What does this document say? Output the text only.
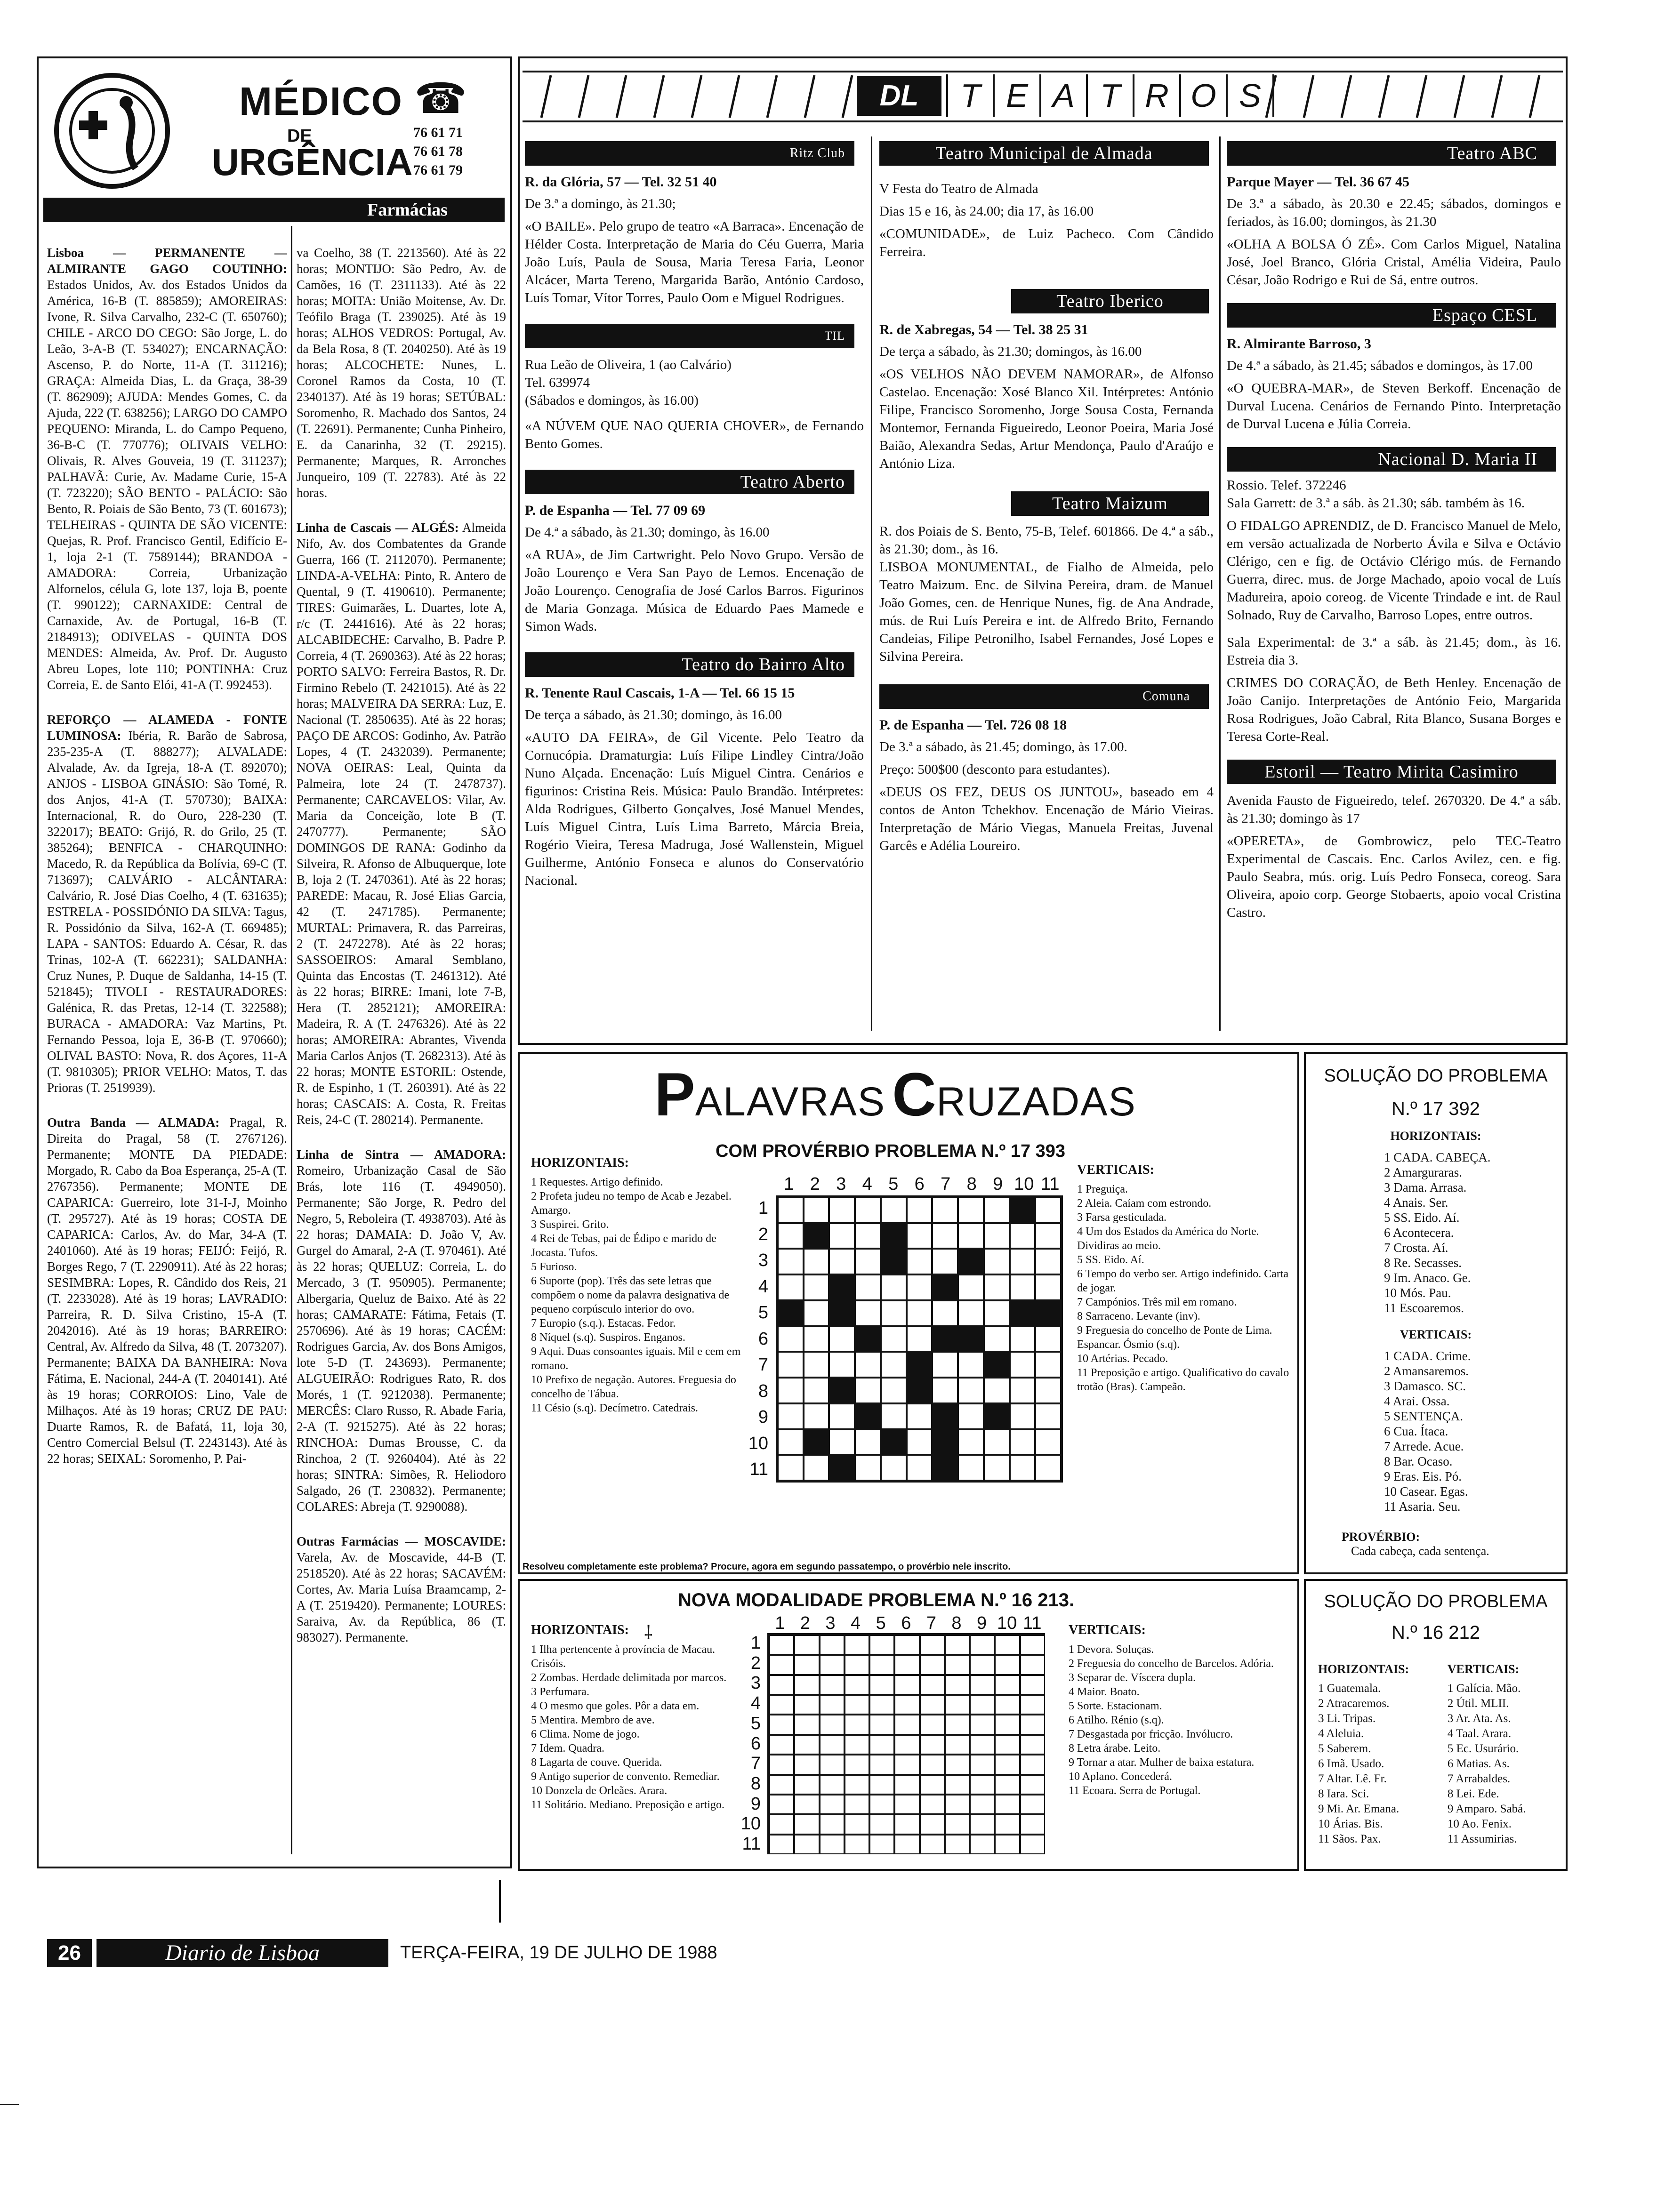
MÉDICO ☎
DE
URGÊNCIA
76 61 71
76 61 78
76 61 79
Farmácias

Lisboa — PERMANENTE — ALMIRANTE GAGO COUTINHO: Estados Unidos, Av. dos Estados Unidos da América, 16-B (T. 885859); AMOREIRAS: Ivone, R. Silva Carvalho, 232-C (T. 650760); CHILE - ARCO DO CEGO: São Jorge, L. do Leão, 3-A-B (T. 534027); ENCARNAÇÃO: Ascenso, P. do Norte, 11-A (T. 311216); GRAÇA: Almeida Dias, L. da Graça, 38-39 (T. 862909); AJUDA: Mendes Gomes, C. da Ajuda, 222 (T. 638256); LARGO DO CAMPO PEQUENO: Miranda, L. do Campo Pequeno, 36-B-C (T. 770776); OLIVAIS VELHO: Olivais, R. Alves Gouveia, 19 (T. 311237); PALHAVÃ: Curie, Av. Madame Curie, 15-A (T. 723220); SÃO BENTO - PALÁCIO: São Bento, R. Poiais de São Bento, 73 (T. 601673); TELHEIRAS - QUINTA DE SÃO VICENTE: Quejas, R. Prof. Francisco Gentil, Edifício E-1, loja 2-1 (T. 7589144); BRANDOA - AMADORA: Correia, Urbanização Alfornelos, célula G, lote 137, loja B, poente (T. 990122); CARNAXIDE: Central de Carnaxide, Av. de Portugal, 16-B (T. 2184913); ODIVELAS - QUINTA DOS MENDES: Almeida, Av. Prof. Dr. Augusto Abreu Lopes, lote 110; PONTINHA: Cruz Correia, E. de Santo Elói, 41-A (T. 992453).

REFORÇO — ALAMEDA - FONTE LUMINOSA: Ibéria, R. Barão de Sabrosa, 235-235-A (T. 888277); ALVALADE: Alvalade, Av. da Igreja, 18-A (T. 892070); ANJOS - LISBOA GINÁSIO: São Tomé, R. dos Anjos, 41-A (T. 570730); BAIXA: Internacional, R. do Ouro, 228-230 (T. 322017); BEATO: Grijó, R. do Grilo, 25 (T. 385264); BENFICA - CHARQUINHO: Macedo, R. da República da Bolívia, 69-C (T. 713697); CALVÁRIO - ALCÂNTARA: Calvário, R. José Dias Coelho, 4 (T. 631635); ESTRELA - POSSIDÓNIO DA SILVA: Tagus, R. Possidónio da Silva, 162-A (T. 669485); LAPA - SANTOS: Eduardo A. César, R. das Trinas, 102-A (T. 662231); SALDANHA: Cruz Nunes, P. Duque de Saldanha, 14-15 (T. 521845); TIVOLI - RESTAURADORES: Galénica, R. das Pretas, 12-14 (T. 322588); BURACA - AMADORA: Vaz Martins, Pt. Fernando Pessoa, loja E, 36-B (T. 970660); OLIVAL BASTO: Nova, R. dos Açores, 11-A (T. 9810305); PRIOR VELHO: Matos, T. das Prioras (T. 2519939).

Outra Banda — ALMADA: Pragal, R. Direita do Pragal, 58 (T. 2767126). Permanente; MONTE DA PIEDADE: Morgado, R. Cabo da Boa Esperança, 25-A (T. 2767356). Permanente; MONTE DE CAPARICA: Guerreiro, lote 31-I-J, Moinho (T. 295727). Até às 19 horas; COSTA DE CAPARICA: Carlos, Av. do Mar, 34-A (T. 2401060). Até às 19 horas; FEIJÓ: Feijó, R. Borges Rego, 7 (T. 2290911). Até às 22 horas; SESIMBRA: Lopes, R. Cândido dos Reis, 21 (T. 2233028). Até às 19 horas; LAVRADIO: Parreira, R. D. Silva Cristino, 15-A (T. 2042016). Até às 19 horas; BARREIRO: Central, Av. Alfredo da Silva, 48 (T. 2073207). Permanente; BAIXA DA BANHEIRA: Nova Fátima, E. Nacional, 244-A (T. 2040141). Até às 19 horas; CORROIOS: Lino, Vale de Milhaços. Até às 19 horas; CRUZ DE PAU: Duarte Ramos, R. de Bafatá, 11, loja 30, Centro Comercial Belsul (T. 2243143). Até às 22 horas; SEIXAL: Soromenho, P. Pai-

va Coelho, 38 (T. 2213560). Até às 22 horas; MONTIJO: São Pedro, Av. de Camões, 16 (T. 2311133). Até às 22 horas; MOITA: União Moitense, Av. Dr. Teófilo Braga (T. 239025). Até às 19 horas; ALHOS VEDROS: Portugal, Av. da Bela Rosa, 8 (T. 2040250). Até às 19 horas; ALCOCHETE: Nunes, L. Coronel Ramos da Costa, 10 (T. 2340137). Até às 19 horas; SETÚBAL: Soromenho, R. Machado dos Santos, 24 (T. 22691). Permanente; Cunha Pinheiro, E. da Canarinha, 32 (T. 29215). Permanente; Marques, R. Arronches Junqueiro, 109 (T. 22783). Até às 22 horas.

Linha de Cascais — ALGÉS: Almeida Nifo, Av. dos Combatentes da Grande Guerra, 166 (T. 2112070). Permanente; LINDA-A-VELHA: Pinto, R. Antero de Quental, 9 (T. 4190610). Permanente; TIRES: Guimarães, L. Duartes, lote A, r/c (T. 2441616). Até às 22 horas; ALCABIDECHE: Carvalho, B. Padre P. Correia, 4 (T. 2690363). Até às 22 horas; PORTO SALVO: Ferreira Bastos, R. Dr. Firmino Rebelo (T. 2421015). Até às 22 horas; MALVEIRA DA SERRA: Luz, E. Nacional (T. 2850635). Até às 22 horas; PAÇO DE ARCOS: Godinho, Av. Patrão Lopes, 4 (T. 2432039). Permanente; NOVA OEIRAS: Leal, Quinta da Palmeira, lote 24 (T. 2478737). Permanente; CARCAVELOS: Vilar, Av. Maria da Conceição, lote B (T. 2470777). Permanente; SÃO DOMINGOS DE RANA: Godinho da Silveira, R. Afonso de Albuquerque, lote B, loja 2 (T. 2470361). Até às 22 horas; PAREDE: Macau, R. José Elias Garcia, 42 (T. 2471785). Permanente; MURTAL: Primavera, R. das Parreiras, 2 (T. 2472278). Até às 22 horas; SASSOEIROS: Amaral Semblano, Quinta das Encostas (T. 2461312). Até às 22 horas; BIRRE: Imani, lote 7-B, Hera (T. 2852121); AMOREIRA: Madeira, R. A (T. 2476326). Até às 22 horas; AMOREIRA: Abrantes, Vivenda Maria Carlos Anjos (T. 2682313). Até às 22 horas; MONTE ESTORIL: Ostende, R. de Espinho, 1 (T. 260391). Até às 22 horas; CASCAIS: A. Costa, R. Freitas Reis, 24-C (T. 280214). Permanente.

Linha de Sintra — AMADORA: Romeiro, Urbanização Casal de São Brás, lote 116 (T. 4949050). Permanente; São Jorge, R. Pedro del Negro, 5, Reboleira (T. 4938703). Até às 22 horas; DAMAIA: D. João V, Av. Gurgel do Amaral, 2-A (T. 970461). Até às 22 horas; QUELUZ: Correia, L. do Mercado, 3 (T. 950905). Permanente; Albergaria, Queluz de Baixo. Até às 22 horas; CAMARATE: Fátima, Fetais (T. 2570696). Até às 19 horas; CACÉM: Rodrigues Garcia, Av. dos Bons Amigos, lote 5-D (T. 243693). Permanente; ALGUEIRÃO: Rodrigues Rato, R. dos Morés, 1 (T. 9212038). Permanente; MERCÊS: Claro Russo, R. Abade Faria, 2-A (T. 9215275). Até às 22 horas; RINCHOA: Dumas Brousse, C. da Rinchoa, 2 (T. 9260404). Até às 22 horas; SINTRA: Simões, R. Heliodoro Salgado, 26 (T. 230832). Permanente; COLARES: Abreja (T. 9290088).

Outras Farmácias — MOSCAVIDE: Varela, Av. de Moscavide, 44-B (T. 2518520). Até às 22 horas; SACAVÉM: Cortes, Av. Maria Luísa Braamcamp, 2-A (T. 2519420). Permanente; LOURES: Saraiva, Av. da República, 86 (T. 983027). Permanente.

DL	T E A T R O S
Ritz Club
R. da Glória, 57 — Tel. 32 51 40

De 3.ª a domingo, às 21.30;

«O BAILE». Pelo grupo de teatro «A Barraca». Encenação de Hélder Costa. Interpretação de Maria do Céu Guerra, Maria João Luís, Paula de Sousa, Maria Teresa Faria, Leonor Alcácer, Marta Tereno, Margarida Barão, António Cardoso, Luís Tomar, Vítor Torres, Paulo Oom e Miguel Rodrigues.

TIL

Rua Leão de Oliveira, 1 (ao Calvário)

Tel. 639974

(Sábados e domingos, às 16.00)

«A NÚVEM QUE NAO QUERIA CHOVER», de Fernando Bento Gomes.

Teatro Aberto
P. de Espanha — Tel. 77 09 69

De 4.ª a sábado, às 21.30; domingo, às 16.00

«A RUA», de Jim Cartwright. Pelo Novo Grupo. Versão de João Lourenço e Vera San Payo de Lemos. Encenação de João Lourenço. Cenografia de José Carlos Barros. Figurinos de Maria Gonzaga. Música de Eduardo Paes Mamede e Simon Wads.

Teatro do Bairro Alto
R. Tenente Raul Cascais, 1-A — Tel. 66 15 15

De terça a sábado, às 21.30; domingo, às 16.00

«AUTO DA FEIRA», de Gil Vicente. Pelo Teatro da Cornucópia. Dramaturgia: Luís Filipe Lindley Cintra/João Nuno Alçada. Encenação: Luís Miguel Cintra. Cenários e figurinos: Cristina Reis. Música: Paulo Brandão. Intérpretes: Alda Rodrigues, Gilberto Gonçalves, José Manuel Mendes, Luís Miguel Cintra, Luís Lima Barreto, Márcia Breia, Rogério Vieira, Teresa Madruga, José Wallenstein, Miguel Guilherme, António Fonseca e alunos do Conservatório Nacional.

Teatro Municipal de Almada

V Festa do Teatro de Almada

Dias 15 e 16, às 24.00; dia 17, às 16.00

«COMUNIDADE», de Luiz Pacheco. Com Cândido Ferreira.

Teatro Iberico
R. de Xabregas, 54 — Tel. 38 25 31

De terça a sábado, às 21.30; domingos, às 16.00

«OS VELHOS NÃO DEVEM NAMORAR», de Alfonso Castelao. Encenação: Xosé Blanco Xil. Intérpretes: António Filipe, Francisco Soromenho, Jorge Sousa Costa, Fernanda Montemor, Fernanda Figueiredo, Leonor Poeira, Maria José Baião, Alexandra Sedas, Artur Mendonça, Paulo d'Araújo e António Liza.

Teatro Maizum

R. dos Poiais de S. Bento, 75-B, Telef. 601866. De 4.ª a sáb., às 21.30; dom., às 16.

LISBOA MONUMENTAL, de Fialho de Almeida, pelo Teatro Maizum. Enc. de Silvina Pereira, dram. de Manuel João Gomes, cen. de Henrique Nunes, fig. de Ana Andrade, mús. de Rui Luís Pereira e int. de Alfredo Brito, Fernando Candeias, Filipe Petronilho, Isabel Fernandes, José Lopes e Silvina Pereira.

Comuna
P. de Espanha — Tel. 726 08 18

De 3.ª a sábado, às 21.45; domingo, às 17.00.

Preço: 500$00 (desconto para estudantes).

«DEUS OS FEZ, DEUS OS JUNTOU», baseado em 4 contos de Anton Tchekhov. Encenação de Mário Vieiras. Interpretação de Mário Viegas, Manuela Freitas, Juvenal Garcês e Adélia Loureiro.

Teatro ABC
Parque Mayer — Tel. 36 67 45

De 3.ª a sábado, às 20.30 e 22.45; sábados, domingos e feriados, às 16.00; domingos, às 21.30

«OLHA A BOLSA Ó ZÉ». Com Carlos Miguel, Natalina José, Joel Branco, Glória Cristal, Amélia Videira, Paulo César, João Rodrigo e Rui de Sá, entre outros.

Espaço CESL
R. Almirante Barroso, 3

De 4.ª a sábado, às 21.45; sábados e domingos, às 17.00

«O QUEBRA-MAR», de Steven Berkoff. Encenação de Durval Lucena. Cenários de Fernando Pinto. Interpretação de Durval Lucena e Júlia Correia.

Nacional D. Maria II

Rossio. Telef. 372246

Sala Garrett: de 3.ª a sáb. às 21.30; sáb. também às 16.

O FIDALGO APRENDIZ, de D. Francisco Manuel de Melo, em versão actualizada de Norberto Ávila e Silva e Octávio Clérigo, cen e fig. de Octávio Clérigo mús. de Fernando Guerra, direc. mus. de Jorge Machado, apoio vocal de Luís Madureira, apoio coreog. de Vicente Trindade e int. de Raul Solnado, Ruy de Carvalho, Barroso Lopes, entre outros.

Sala Experimental: de 3.ª a sáb. às 21.45; dom., às 16. Estreia dia 3.

CRIMES DO CORAÇÃO, de Beth Henley. Encenação de João Canijo. Interpretações de António Feio, Margarida Rosa Rodrigues, João Cabral, Rita Blanco, Susana Borges e Teresa Corte-Real.

Estoril — Teatro Mirita Casimiro

Avenida Fausto de Figueiredo, telef. 2670320. De 4.ª a sáb. às 21.30; domingo às 17

«OPERETA», de Gombrowicz, pelo TEC-Teatro Experimental de Cascais. Enc. Carlos Avilez, cen. e fig. Paulo Seabra, mús. orig. Luís Pedro Fonseca, coreog. Sara Oliveira, apoio corp. George Stobaerts, apoio vocal Cristina Castro.

PALAVRAS CRUZADAS
COM PROVÉRBIO PROBLEMA N.º 17 393
HORIZONTAIS:
1 Requestes. Artigo definido.
2 Profeta judeu no tempo de Acab e Jezabel. Amargo.
3 Suspirei. Grito.
4 Rei de Tebas, pai de Édipo e marido de Jocasta. Tufos.
5 Furioso.
6 Suporte (pop). Três das sete letras que compõem o nome da palavra designativa de pequeno corpúsculo interior do ovo.
7 Europio (s.q.). Estacas. Fedor.
8 Níquel (s.q). Suspiros. Enganos.
9 Aqui. Duas consoantes iguais. Mil e cem em romano.
10 Prefixo de negação. Autores. Freguesia do concelho de Tábua.
11 Césio (s.q). Decímetro. Catedrais.
VERTICAIS:
1 Preguiça.
2 Aleia. Caíam com estrondo.
3 Farsa gesticulada.
4 Um dos Estados da América do Norte. Dividiras ao meio.
5 SS. Eido. Aí.
6 Tempo do verbo ser. Artigo indefinido. Carta de jogar.
7 Campónios. Três mil em romano.
8 Sarraceno. Levante (inv).
9 Freguesia do concelho de Ponte de Lima. Espancar. Ósmio (s.q).
10 Artérias. Pecado.
11 Preposição e artigo. Qualificativo do cavalo trotão (Bras). Campeão.
1 2 3 4 5 6 7 8 9 10 11
1
2
3
4
5
6
7
8
9
10
11
Resolveu completamente este problema? Procure, agora em segundo passatempo, o provérbio nele inscrito.
SOLUÇÃO DO PROBLEMA
N.º 17 392
HORIZONTAIS:
1 CADA. CABEÇA.
2 Amarguraras.
3 Dama. Arrasa.
4 Anais. Ser.
5 SS. Eido. Aí.
6 Acontecera.
7 Crosta. Aí.
8 Re. Secasses.
9 Im. Anaco. Ge.
10 Mós. Pau.
11 Escoaremos.
VERTICAIS:
1 CADA. Crime.
2 Amansaremos.
3 Damasco. SC.
4 Arai. Ossa.
5 SENTENÇA.
6 Cua. Ítaca.
7 Arrede. Acue.
8 Bar. Ocaso.
9 Eras. Eis. Pó.
10 Casear. Egas.
11 Asaria. Seu.
PROVÉRBIO:
Cada cabeça, cada sentença.
NOVA MODALIDADE PROBLEMA N.º 16 213.
⸸
HORIZONTAIS:
1 Ilha pertencente à província de Macau. Crisóis.
2 Zombas. Herdade delimitada por marcos.
3 Perfumara.
4 O mesmo que goles. Pôr a data em.
5 Mentira. Membro de ave.
6 Clima. Nome de jogo.
7 Idem. Quadra.
8 Lagarta de couve. Querida.
9 Antigo superior de convento. Remediar.
10 Donzela de Orleães. Arara.
11 Solitário. Mediano. Preposição e artigo.
VERTICAIS:
1 Devora. Soluças.
2 Freguesia do concelho de Barcelos. Adória.
3 Separar de. Víscera dupla.
4 Maior. Boato.
5 Sorte. Estacionam.
6 Atilho. Rénio (s.q).
7 Desgastada por fricção. Invólucro.
8 Letra árabe. Leito.
9 Tornar a atar. Mulher de baixa estatura.
10 Aplano. Concederá.
11 Ecoara. Serra de Portugal.
1 2 3 4 5 6 7 8 9 10 11
1
2
3
4
5
6
7
8
9
10
11
SOLUÇÃO DO PROBLEMA
N.º 16 212
HORIZONTAIS:
1 Guatemala.
2 Atracaremos.
3 Li. Tripas.
4 Aleluia.
5 Saberem.
6 Imã. Usado.
7 Altar. Lê. Fr.
8 Iara. Sci.
9 Mi. Ar. Emana.
10 Árias. Bis.
11 Sãos. Pax.
VERTICAIS:
1 Galícia. Mão.
2 Útil. MLII.
3 Ar. Ata. As.
4 Taal. Arara.
5 Ec. Usurário.
6 Matias. As.
7 Arrabaldes.
8 Lei. Ede.
9 Amparo. Sabá.
10 Ao. Fenix.
11 Assumirias.
26	Diario de Lisboa	TERÇA-FEIRA, 19 DE JULHO DE 1988
